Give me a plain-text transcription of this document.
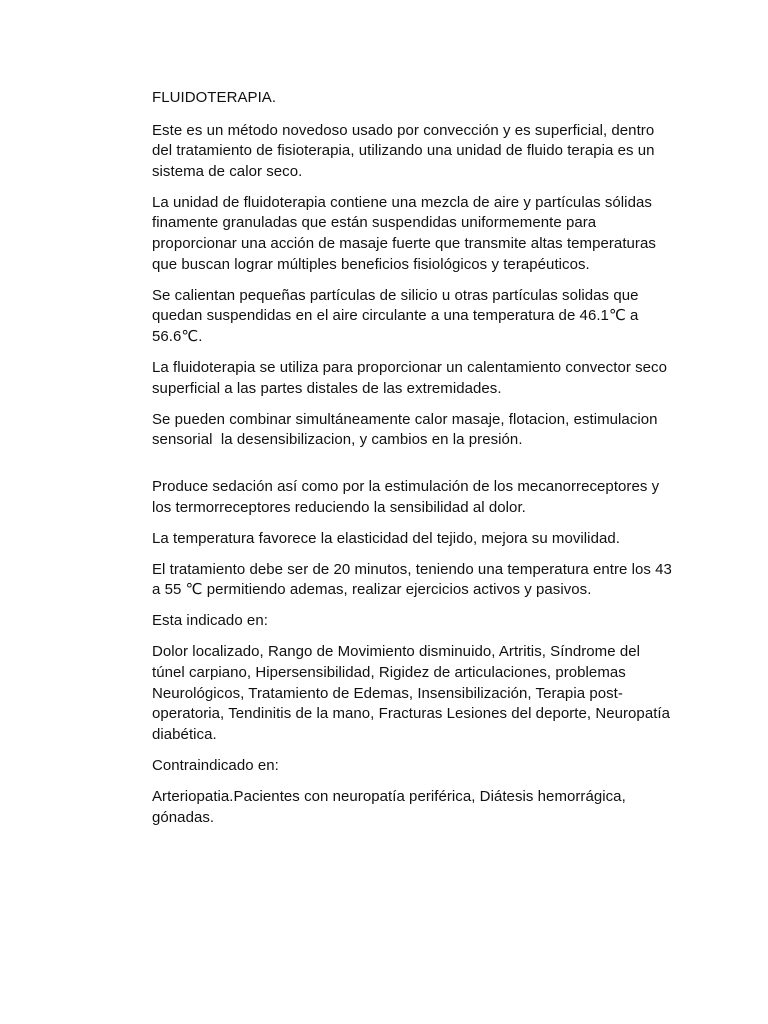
FLUIDOTERAPIA.

Este es un método novedoso usado por convección y es superficial, dentro del tratamiento de fisioterapia, utilizando una unidad de fluido terapia es un sistema de calor seco.

La unidad de fluidoterapia contiene una mezcla de aire y partículas sólidas finamente granuladas que están suspendidas uniformemente para proporcionar una acción de masaje fuerte que transmite altas temperaturas que buscan lograr múltiples beneficios fisiológicos y terapéuticos.

Se calientan pequeñas partículas de silicio u otras partículas solidas que quedan suspendidas en el aire circulante a una temperatura de 46.1℃ a 56.6℃.

La fluidoterapia se utiliza para proporcionar un calentamiento convector seco superficial a las partes distales de las extremidades.

Se pueden combinar simultáneamente calor masaje, flotacion, estimulacion sensorial  la desensibilizacion, y cambios en la presión.

Produce sedación así como por la estimulación de los mecanorreceptores y los termorreceptores reduciendo la sensibilidad al dolor.

La temperatura favorece la elasticidad del tejido, mejora su movilidad.

El tratamiento debe ser de 20 minutos, teniendo una temperatura entre los 43 a 55 ℃ permitiendo ademas, realizar ejercicios activos y pasivos.

Esta indicado en:

Dolor localizado, Rango de Movimiento disminuido, Artritis, Síndrome del túnel carpiano, Hipersensibilidad, Rigidez de articulaciones, problemas Neurológicos, Tratamiento de Edemas, Insensibilización, Terapia post-operatoria, Tendinitis de la mano, Fracturas Lesiones del deporte, Neuropatía diabética.

Contraindicado en:

Arteriopatia.Pacientes con neuropatía periférica, Diátesis hemorrágica, gónadas.
